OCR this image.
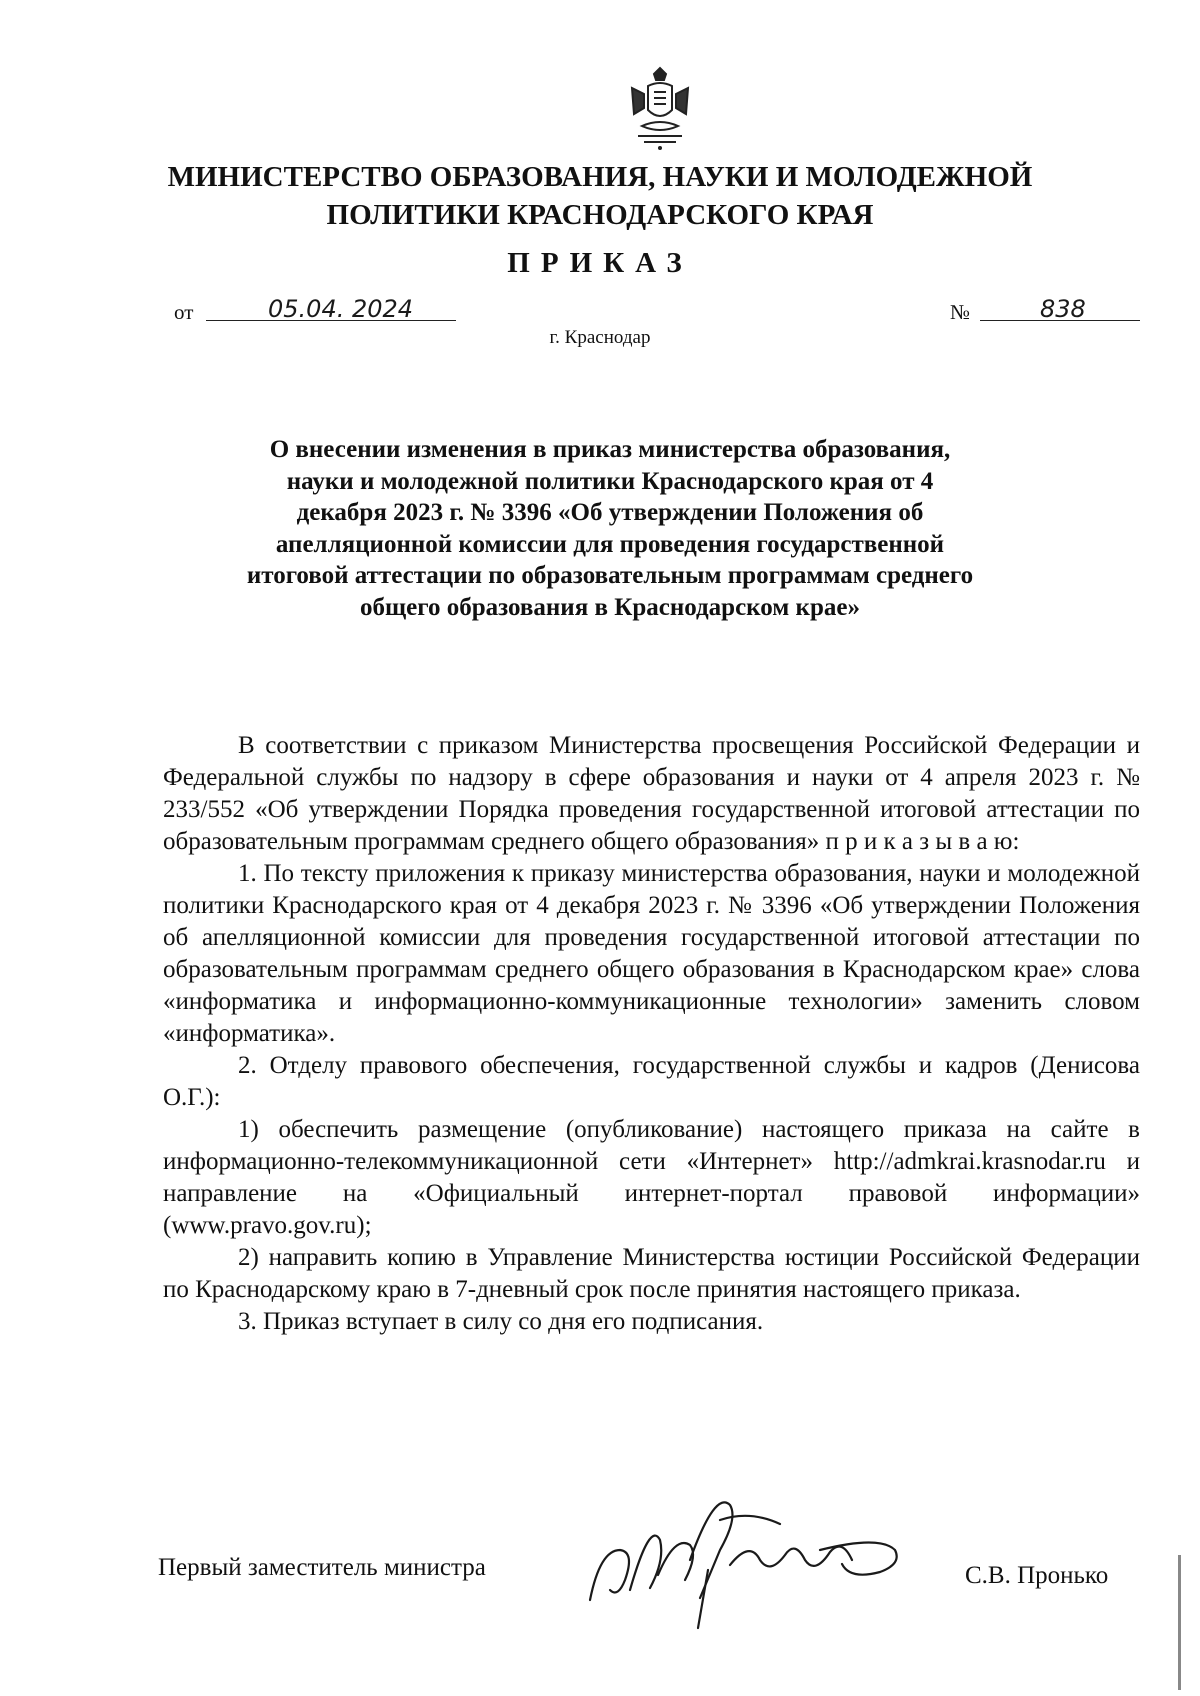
МИНИСТЕРСТВО ОБРАЗОВАНИЯ, НАУКИ И МОЛОДЕЖНОЙ ПОЛИТИКИ КРАСНОДАРСКОГО КРАЯ
ПРИКАЗ
от	05.04. 2024	№	838
г. Краснодар
О внесении изменения в приказ министерства образования, науки и молодежной политики Краснодарского края от 4 декабря 2023 г. № 3396 «Об утверждении Положения об апелляционной комиссии для проведения государственной итоговой аттестации по образовательным программам среднего общего образования в Краснодарском крае»

В соответствии с приказом Министерства просвещения Российской Федерации и Федеральной службы по надзору в сфере образования и науки от 4 апреля 2023 г. № 233/552 «Об утверждении Порядка проведения государственной итоговой аттестации по образовательным программам среднего общего образования» п р и к а з ы в а ю:

1. По тексту приложения к приказу министерства образования, науки и молодежной политики Краснодарского края от 4 декабря 2023 г. № 3396 «Об утверждении Положения об апелляционной комиссии для проведения государственной итоговой аттестации по образовательным программам среднего общего образования в Краснодарском крае» слова «информатика и информационно-коммуникационные технологии» заменить словом «информатика».

2. Отделу правового обеспечения, государственной службы и кадров (Денисова О.Г.):

1) обеспечить размещение (опубликование) настоящего приказа на сайте в информационно-телекоммуникационной сети «Интернет» http://admkrai.krasnodar.ru и направление на «Официальный интернет-портал правовой информации» (www.pravo.gov.ru);

2) направить копию в Управление Министерства юстиции Российской Федерации по Краснодарскому краю в 7-дневный срок после принятия настоящего приказа.

3. Приказ вступает в силу со дня его подписания.

Первый заместитель министра	С.В. Пронько
